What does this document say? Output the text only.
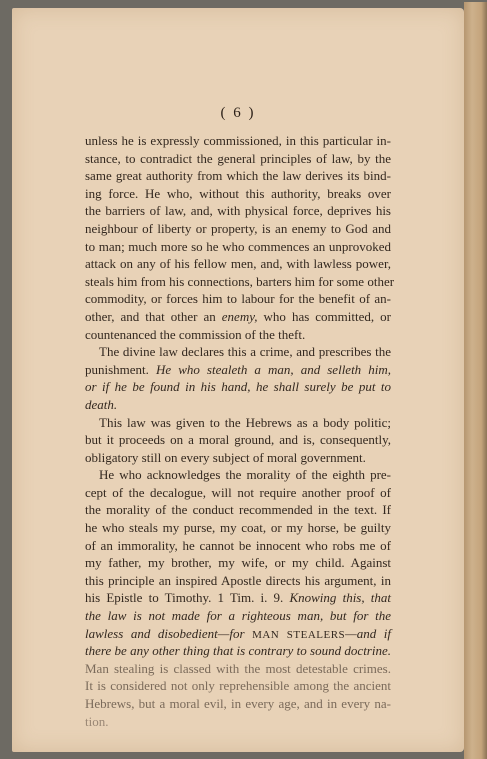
( 6 )
unless he is expressly commissioned, in this particular in-
stance, to contradict the general principles of law, by the
same great authority from which the law derives its bind-
ing force. He who, without this authority, breaks over
the barriers of law, and, with physical force, deprives his
neighbour of liberty or property, is an enemy to God and
to man; much more so he who commences an unprovoked
attack on any of his fellow men, and, with lawless power,
steals him from his connections, barters him for some other
commodity, or forces him to labour for the benefit of an-
other, and that other an enemy, who has committed, or
countenanced the commission of the theft.
The divine law declares this a crime, and prescribes the
punishment. He who stealeth a man, and selleth him,
or if he be found in his hand, he shall surely be put to
death.
This law was given to the Hebrews as a body politic;
but it proceeds on a moral ground, and is, consequently,
obligatory still on every subject of moral government.
He who acknowledges the morality of the eighth pre-
cept of the decalogue, will not require another proof of
the morality of the conduct recommended in the text. If
he who steals my purse, my coat, or my horse, be guilty
of an immorality, he cannot be innocent who robs me of
my father, my brother, my wife, or my child. Against
this principle an inspired Apostle directs his argument, in
his Epistle to Timothy. 1 Tim. i. 9. Knowing this, that
the law is not made for a righteous man, but for the
lawless and disobedient—for MAN STEALERS—and if
there be any other thing that is contrary to sound doctrine.
Man stealing is classed with the most detestable crimes.
It is considered not only reprehensible among the ancient
Hebrews, but a moral evil, in every age, and in every na-
tion.
